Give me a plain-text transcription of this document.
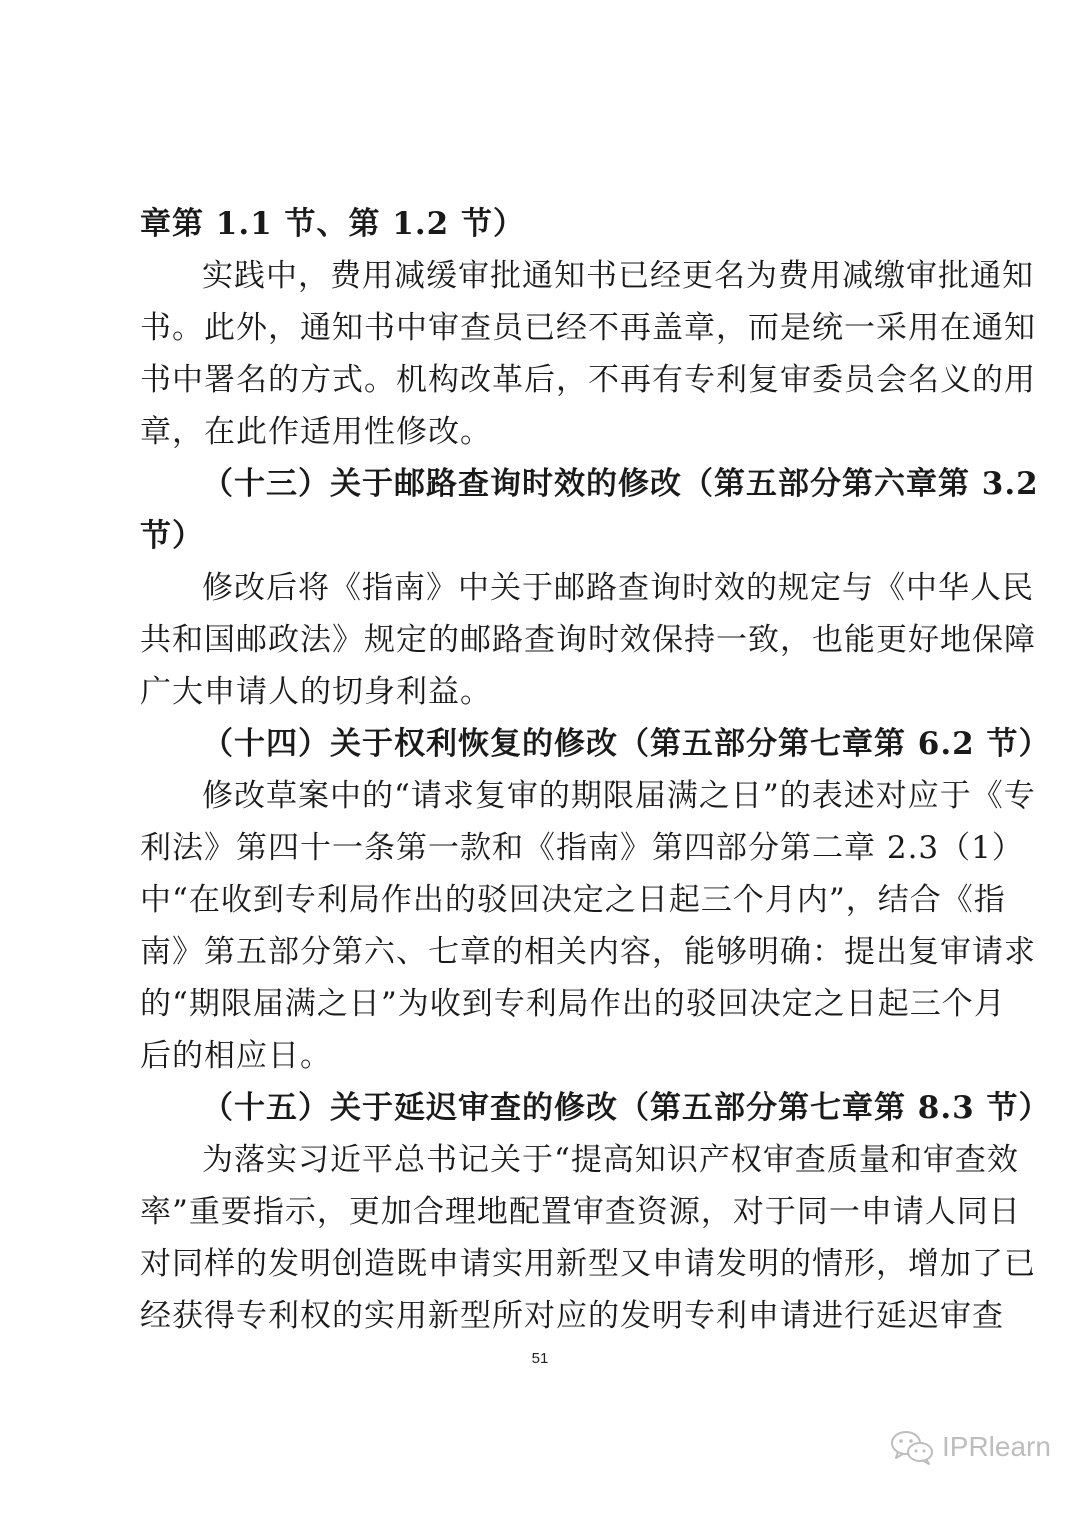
章第 1.1 节、第 1.2 节）
实践中，费用减缓审批通知书已经更名为费用减缴审批通知
书。此外，通知书中审查员已经不再盖章，而是统一采用在通知
书中署名的方式。机构改革后，不再有专利复审委员会名义的用
章，在此作适用性修改。
（十三）关于邮路查询时效的修改（第五部分第六章第 3.2
节）
修改后将《指南》中关于邮路查询时效的规定与《中华人民
共和国邮政法》规定的邮路查询时效保持一致，也能更好地保障
广大申请人的切身利益。
（十四）关于权利恢复的修改（第五部分第七章第 6.2 节）
修改草案中的“请求复审的期限届满之日”的表述对应于《专
利法》第四十一条第一款和《指南》第四部分第二章 2.3（1）
中“在收到专利局作出的驳回决定之日起三个月内”，结合《指
南》第五部分第六、七章的相关内容，能够明确：提出复审请求
的“期限届满之日”为收到专利局作出的驳回决定之日起三个月
后的相应日。
（十五）关于延迟审查的修改（第五部分第七章第 8.3 节）
为落实习近平总书记关于“提高知识产权审查质量和审查效
率”重要指示，更加合理地配置审查资源，对于同一申请人同日
对同样的发明创造既申请实用新型又申请发明的情形，增加了已
经获得专利权的实用新型所对应的发明专利申请进行延迟审查
51
IPRlearn
